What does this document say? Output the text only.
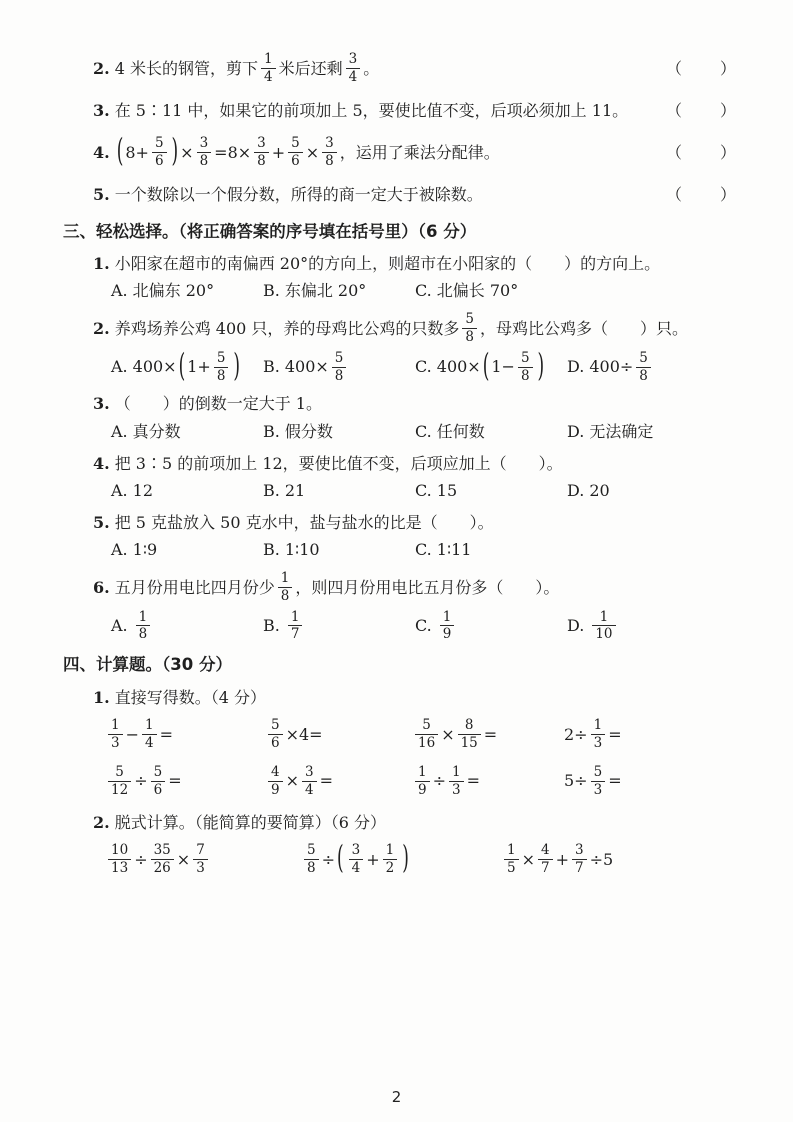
2. 4 米长的钢管，剪下 $\frac{1}{4}$ 米后还剩 $\frac{3}{4}$ 。	（　　）
3. 在 5∶11 中，如果它的前项加上 5，要使比值不变，后项必须加上 11。 （　　）
4. ( $8+ \frac{5}{6}$ ) × $\frac{3}{8} =8\times \frac{3}{8} + \frac{5}{6} \times \frac{3}{8}$ ，运用了乘法分配律。	（　　）
5. 一个数除以一个假分数，所得的商一定大于被除数。	（　　）
三、轻松选择。（将正确答案的序号填在括号里）（6 分）
1. 小阳家在超市的南偏西 20°的方向上，则超市在小阳家的（　　）的方向上。
A. 北偏东 20°	B. 东偏北 20°	C. 北偏长 70°
2. 养鸡场养公鸡 400 只，养的母鸡比公鸡的只数多 $\frac{5}{8}$ ，母鸡比公鸡多（　　）只。
A. 400× ( $1+ \frac{5}{8}$ ) B. $400\times \frac{5}{8}$	C. 400× ( $1- \frac{5}{8}$ ) D. $400\div \frac{5}{8}$
3. （　　）的倒数一定大于 1。
A. 真分数	B. 假分数	C. 任何数	D. 无法确定
4. 把 3∶5 的前项加上 12，要使比值不变，后项应加上（　　）。
A. 12	B. 21	C. 15	D. 20
5. 把 5 克盐放入 50 克水中，盐与盐水的比是（　　）。
A. 1∶9	B. 1∶10	C. 1∶11
6. 五月份用电比四月份少 $\frac{1}{8}$ ，则四月份用电比五月份多（　　）。
A. $\frac{1}{8}$	B. $\frac{1}{7}$	C. $\frac{1}{9}$	D. $\frac{1}{10}$
四、计算题。（30 分）
1. 直接写得数。（4 分）
$\frac{1}{3} - \frac{1}{4}$ =	$\frac{5}{6} \times 4=$	$\frac{5}{16} \times \frac{8}{15}$ =	$2\div \frac{1}{3}$ =
$\frac{5}{12} \div \frac{5}{6}$ =	$\frac{4}{9} \times \frac{3}{4}$ =	$\frac{1}{9} \div \frac{1}{3}$ =	$5\div \frac{5}{3}$ =
2. 脱式计算。（能简算的要简算）（6 分）
$\frac{10}{13} \div \frac{35}{26} \times \frac{7}{3}$	$\frac{5}{8}$ ÷ ( $\frac{3}{4} + \frac{1}{2}$ )	$\frac{1}{5} \times \frac{4}{7} + \frac{3}{7} \div 5$
2
